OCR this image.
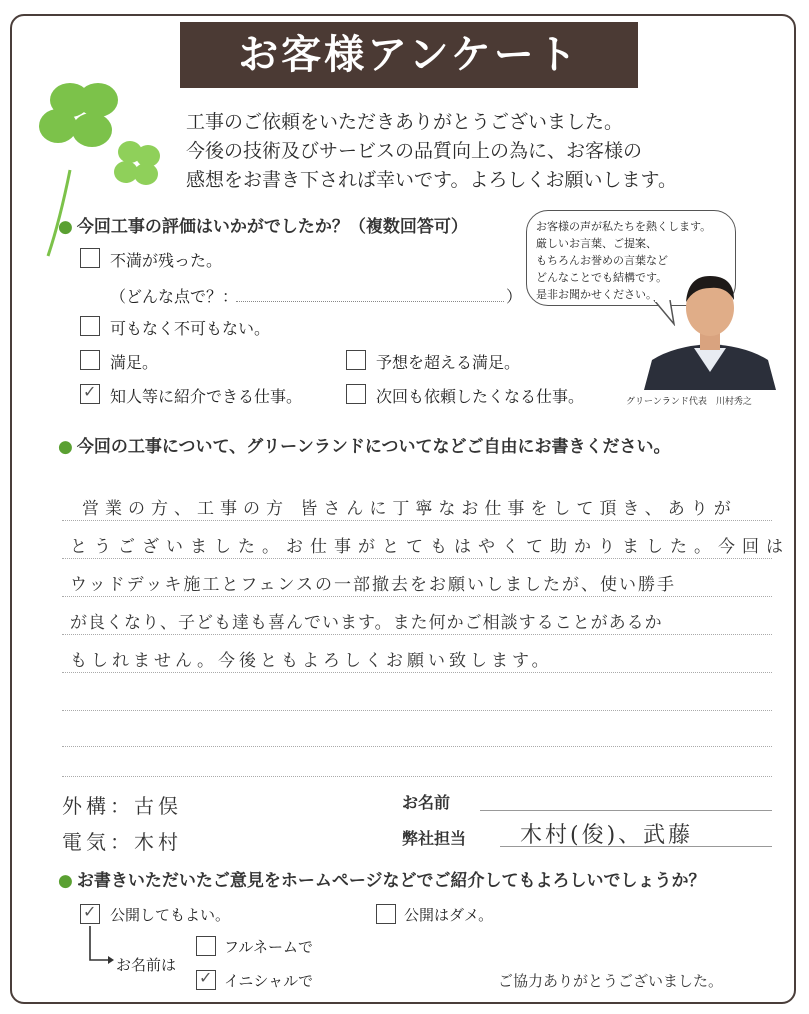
お客様アンケート
工事のご依頼をいただきありがとうございました。
今後の技術及びサービスの品質向上の為に、お客様の
感想をお書き下されば幸いです。よろしくお願いします。
● 今回工事の評価はいかがでしたか？（複数回答可）
不満が残った。
（どんな点で？：	）
可もなく不可もない。
満足。	予想を超える満足。
✓ 知人等に紹介できる仕事。	次回も依頼したくなる仕事。
お客様の声が私たちを熱くします。
厳しいお言葉、ご提案、
もちろんお誉めの言葉など
どんなことでも結構です。
是非お聞かせください。
グリーンランド代表　川村秀之
● 今回の工事について、グリーンランドについてなどご自由にお書きください。
営業の方、工事の方 皆さんに丁寧なお仕事をして頂き、ありが
とうございました。お仕事がとてもはやくて助かりました。今回は
ウッドデッキ施工とフェンスの一部撤去をお願いしましたが、使い勝手
が良くなり、子ども達も喜んでいます。また何かご相談することがあるか
もしれません。今後ともよろしくお願い致します。
外構：古俣
電気：木村
お名前
弊社担当 木村(俊)、武藤
● お書きいただいたご意見をホームページなどでご紹介してもよろしいでしょうか？
✓ 公開してもよい。	公開はダメ。
お名前は
フルネームで
✓ イニシャルで	ご協力ありがとうございました。
